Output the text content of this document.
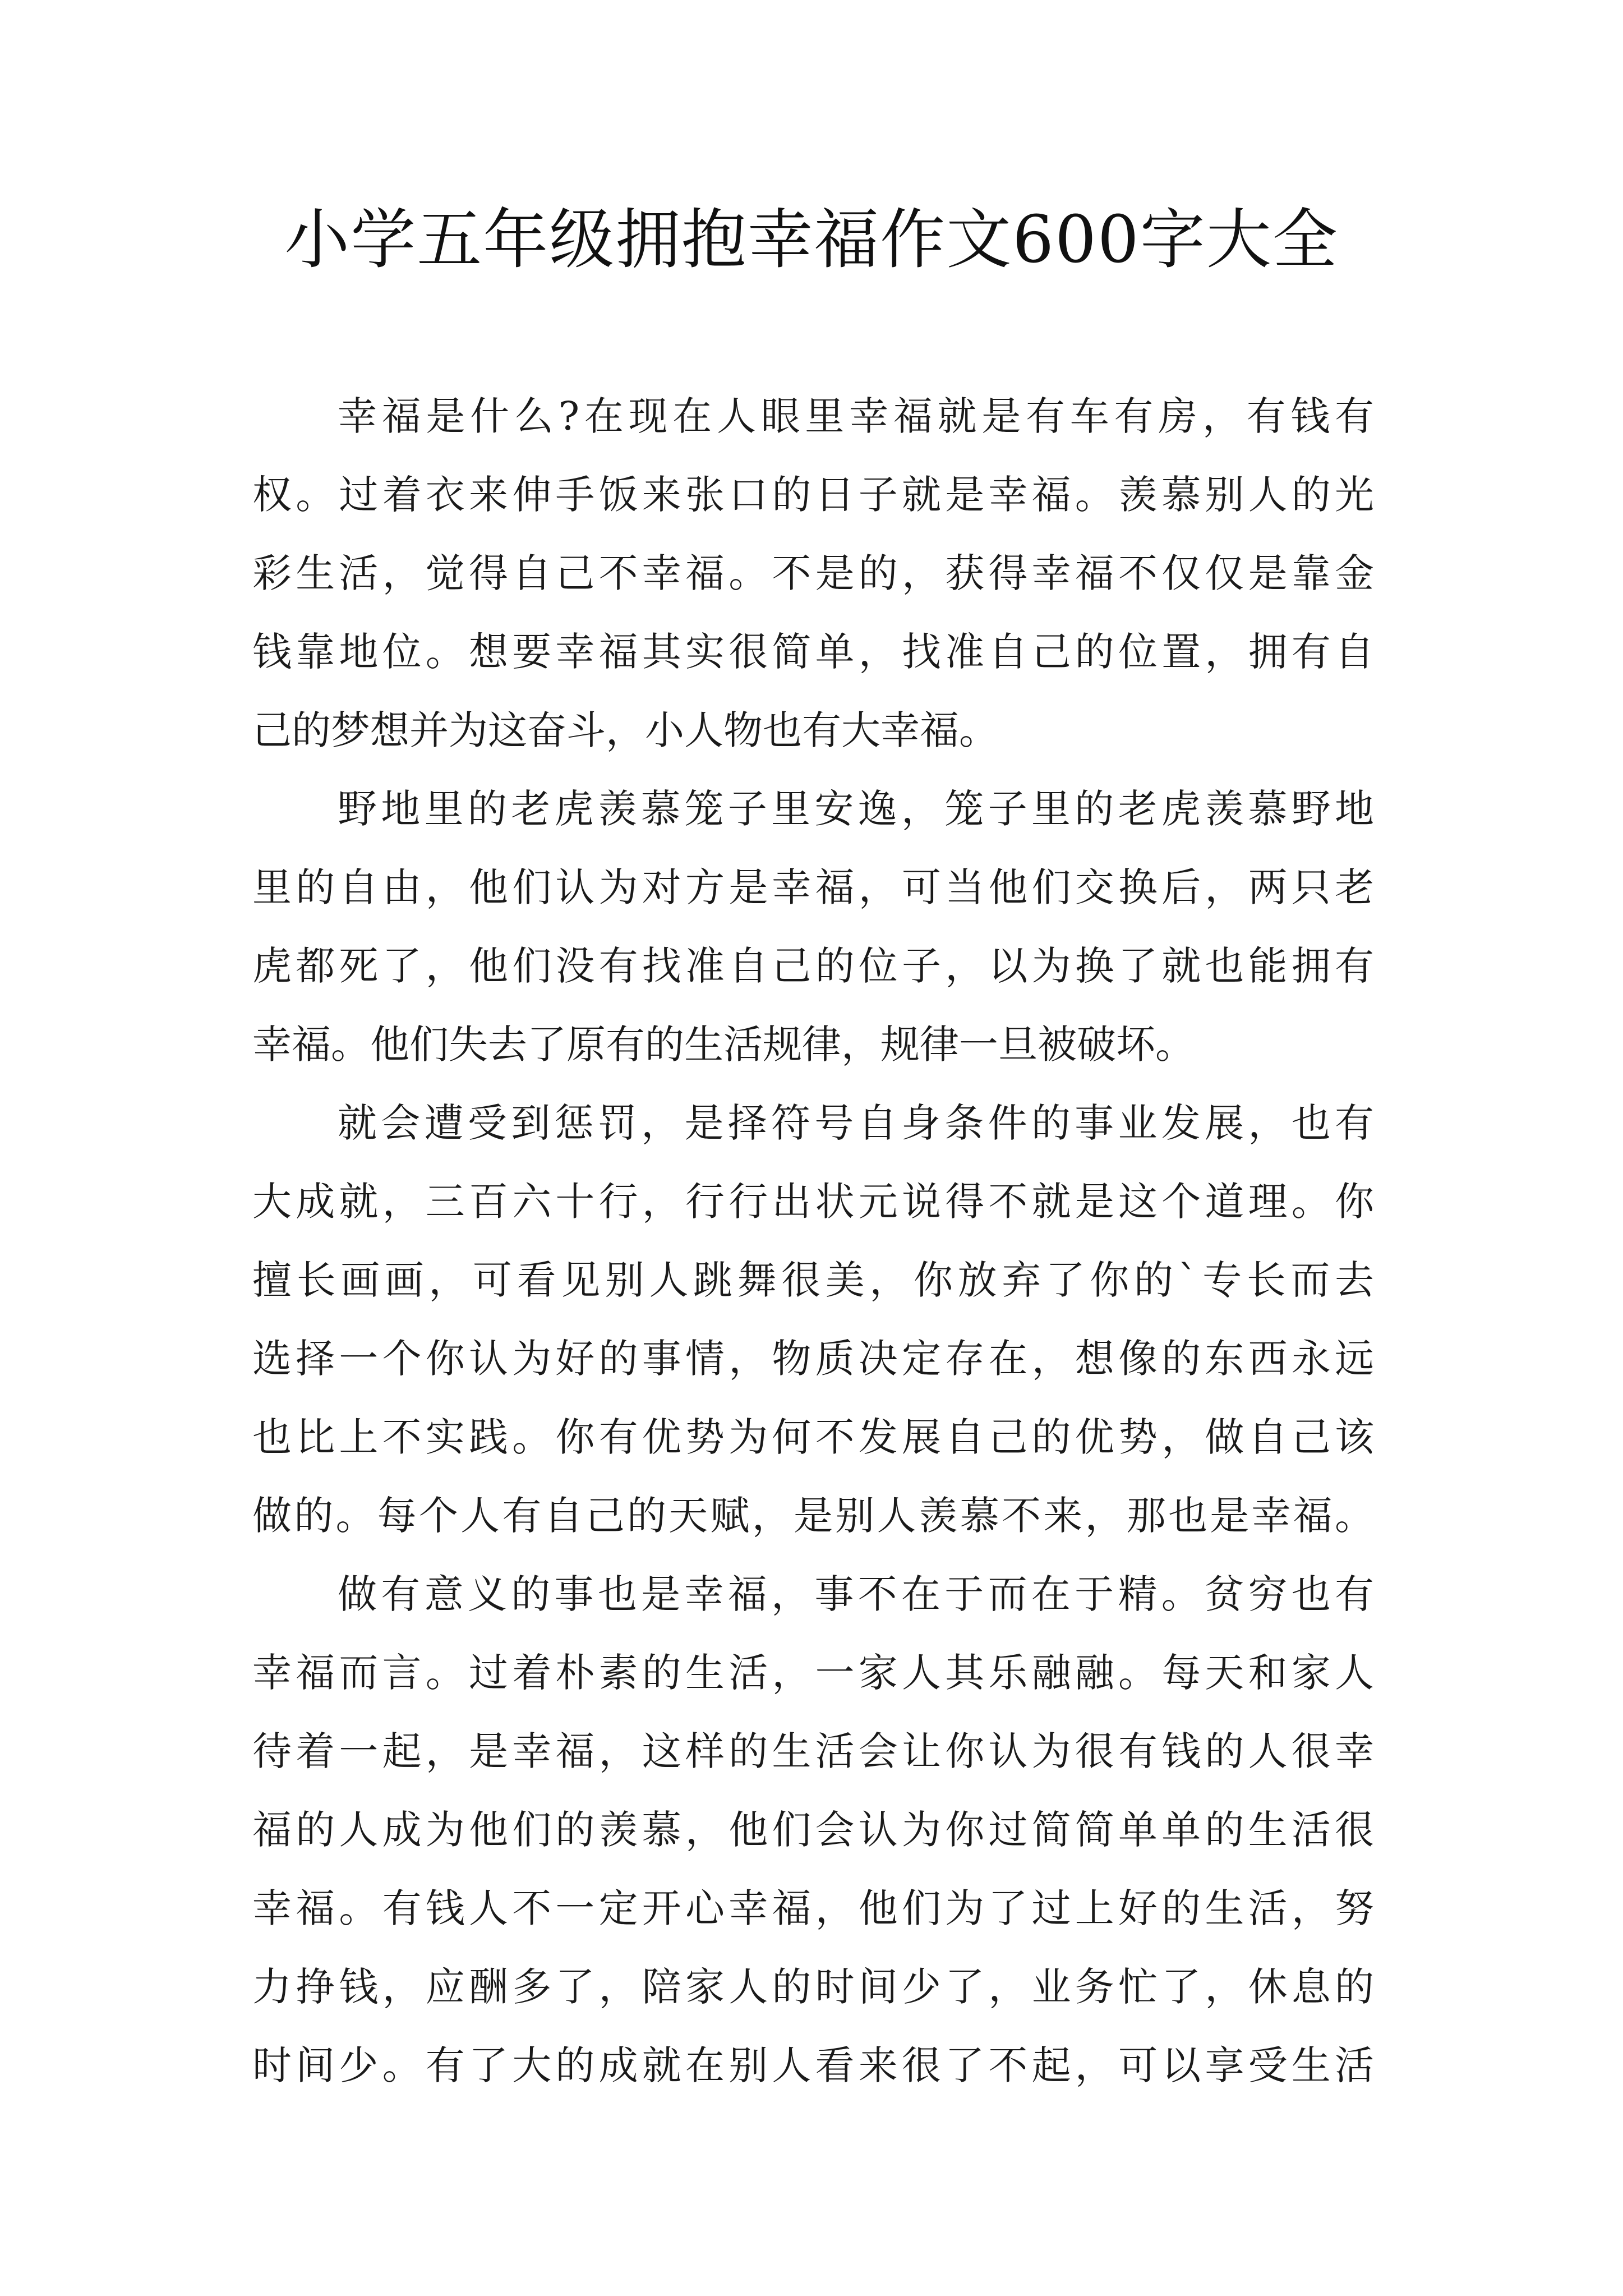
小学五年级拥抱幸福作文600字大全
幸福是什么?在现在人眼里幸福就是有车有房，有钱有
权。过着衣来伸手饭来张口的日子就是幸福。羡慕别人的光
彩生活，觉得自己不幸福。不是的，获得幸福不仅仅是靠金
钱靠地位。想要幸福其实很简单，找准自己的位置，拥有自
己的梦想并为这奋斗，小人物也有大幸福。
野地里的老虎羡慕笼子里安逸，笼子里的老虎羡慕野地
里的自由，他们认为对方是幸福，可当他们交换后，两只老
虎都死了，他们没有找准自己的位子，以为换了就也能拥有
幸福。他们失去了原有的生活规律，规律一旦被破坏。
就会遭受到惩罚，是择符号自身条件的事业发展，也有
大成就，三百六十行，行行出状元说得不就是这个道理。你
擅长画画，可看见别人跳舞很美，你放弃了你的`专长而去
选择一个你认为好的事情，物质决定存在，想像的东西永远
也比上不实践。你有优势为何不发展自己的优势，做自己该
做的。每个人有自己的天赋，是别人羡慕不来，那也是幸福。
做有意义的事也是幸福，事不在于而在于精。贫穷也有
幸福而言。过着朴素的生活，一家人其乐融融。每天和家人
待着一起，是幸福，这样的生活会让你认为很有钱的人很幸
福的人成为他们的羡慕，他们会认为你过简简单单的生活很
幸福。有钱人不一定开心幸福，他们为了过上好的生活，努
力挣钱，应酬多了，陪家人的时间少了，业务忙了，休息的
时间少。有了大的成就在别人看来很了不起，可以享受生活
